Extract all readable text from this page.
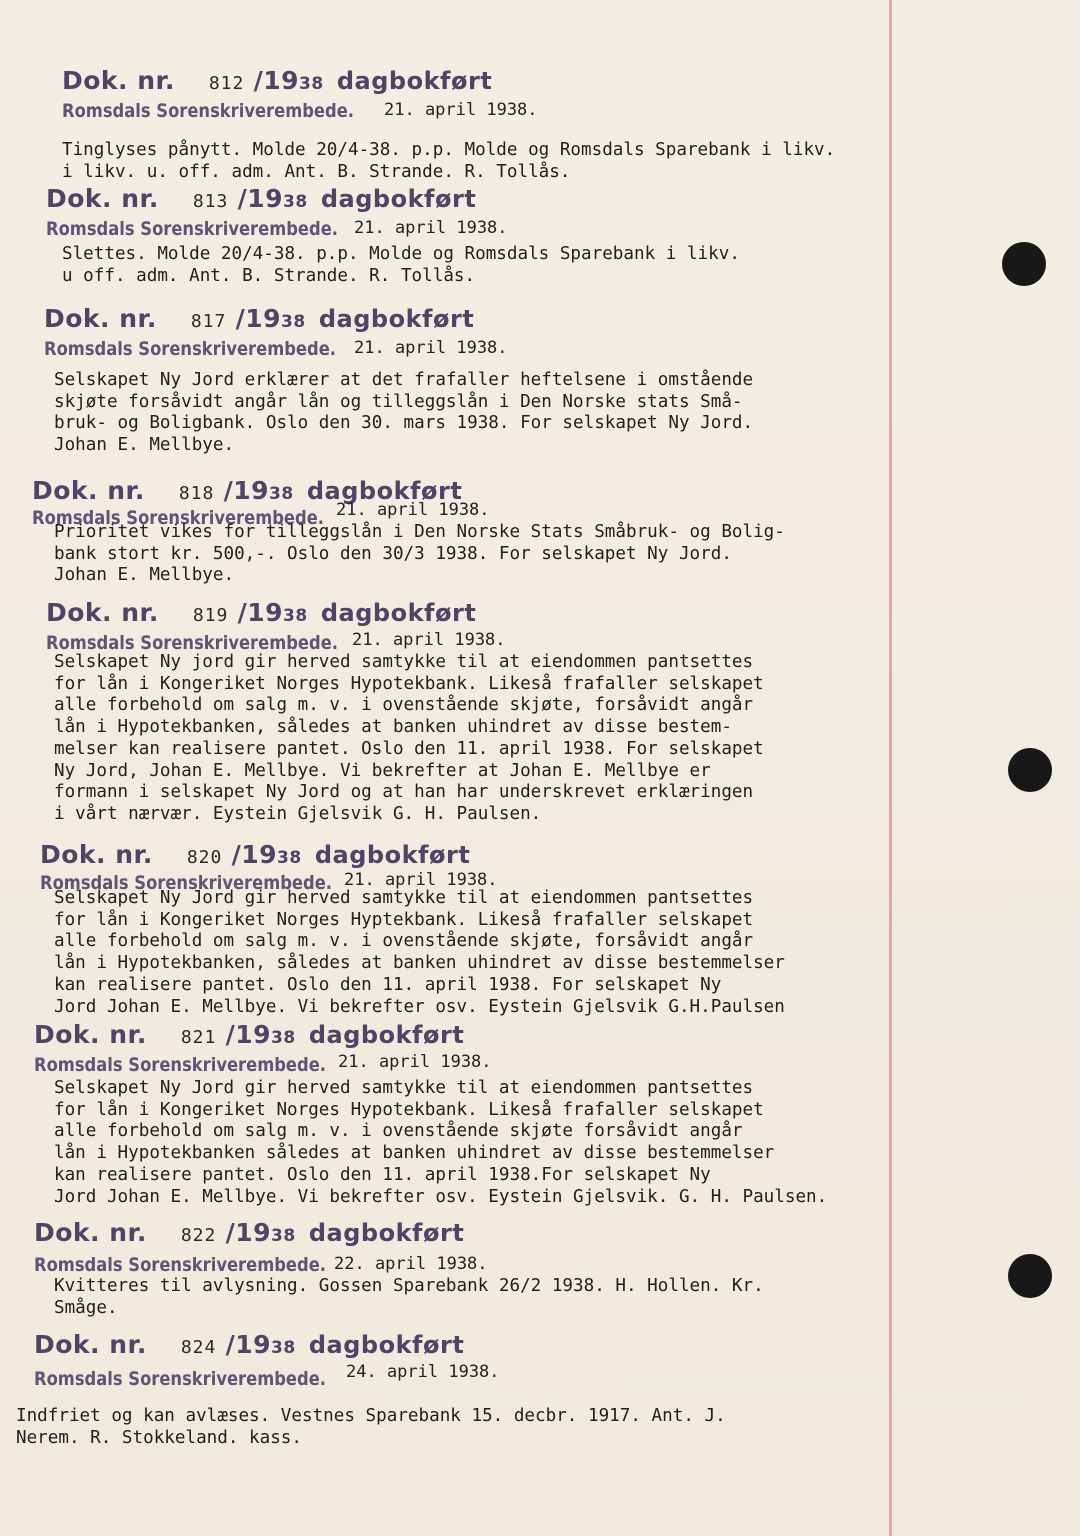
Dok. nr. 812 /1938 dagbokført
Romsdals Sorenskriverembede. 21. april 1938.

Tinglyses pånytt. Molde 20/4-38. p.p. Molde og Romsdals Sparebank i likv.
i likv. u. off. adm. Ant. B. Strande. R. Tollås.

Dok. nr. 813 /1938 dagbokført
Romsdals Sorenskriverembede. 21. april 1938.

Slettes. Molde 20/4-38. p.p. Molde og Romsdals Sparebank i likv.
u off. adm. Ant. B. Strande. R. Tollås.

Dok. nr. 817 /1938 dagbokført
Romsdals Sorenskriverembede. 21. april 1938.

Selskapet Ny Jord erklærer at det frafaller heftelsene i omstående
skjøte forsåvidt angår lån og tilleggslån i Den Norske stats Små-
bruk- og Boligbank. Oslo den 30. mars 1938. For selskapet Ny Jord.
Johan E. Mellbye.

Dok. nr. 818 /1938 dagbokført
Romsdals Sorenskriverembede. 21. april 1938.

Prioritet vikes for tilleggslån i Den Norske Stats Småbruk- og Bolig-
bank stort kr. 500,-. Oslo den 30/3 1938. For selskapet Ny Jord.
Johan E. Mellbye.

Dok. nr. 819 /1938 dagbokført
Romsdals Sorenskriverembede. 21. april 1938.

Selskapet Ny jord gir herved samtykke til at eiendommen pantsettes
for lån i Kongeriket Norges Hypotekbank. Likeså frafaller selskapet
alle forbehold om salg m. v. i ovenstående skjøte, forsåvidt angår
lån i Hypotekbanken, således at banken uhindret av disse bestem-
melser kan realisere pantet. Oslo den 11. april 1938. For selskapet
Ny Jord, Johan E. Mellbye. Vi bekrefter at Johan E. Mellbye er
formann i selskapet Ny Jord og at han har underskrevet erklæringen
i vårt nærvær. Eystein Gjelsvik G. H. Paulsen.

Dok. nr. 820 /1938 dagbokført
Romsdals Sorenskriverembede. 21. april 1938.

Selskapet Ny Jord gir herved samtykke til at eiendommen pantsettes
for lån i Kongeriket Norges Hyptekbank. Likeså frafaller selskapet
alle forbehold om salg m. v. i ovenstående skjøte, forsåvidt angår
lån i Hypotekbanken, således at banken uhindret av disse bestemmelser
kan realisere pantet. Oslo den 11. april 1938. For selskapet Ny
Jord Johan E. Mellbye. Vi bekrefter osv. Eystein Gjelsvik G.H.Paulsen

Dok. nr. 821 /1938 dagbokført
Romsdals Sorenskriverembede. 21. april 1938.

Selskapet Ny Jord gir herved samtykke til at eiendommen pantsettes
for lån i Kongeriket Norges Hypotekbank. Likeså frafaller selskapet
alle forbehold om salg m. v. i ovenstående skjøte forsåvidt angår
lån i Hypotekbanken således at banken uhindret av disse bestemmelser
kan realisere pantet. Oslo den 11. april 1938.For selskapet Ny
Jord Johan E. Mellbye. Vi bekrefter osv. Eystein Gjelsvik. G. H. Paulsen.

Dok. nr. 822 /1938 dagbokført
Romsdals Sorenskriverembede. 22. april 1938.

Kvitteres til avlysning. Gossen Sparebank 26/2 1938. H. Hollen. Kr.
Småge.

Dok. nr. 824 /1938 dagbokført
Romsdals Sorenskriverembede. 24. april 1938.

Indfriet og kan avlæses. Vestnes Sparebank 15. decbr. 1917. Ant. J.
Nerem. R. Stokkeland. kass.
